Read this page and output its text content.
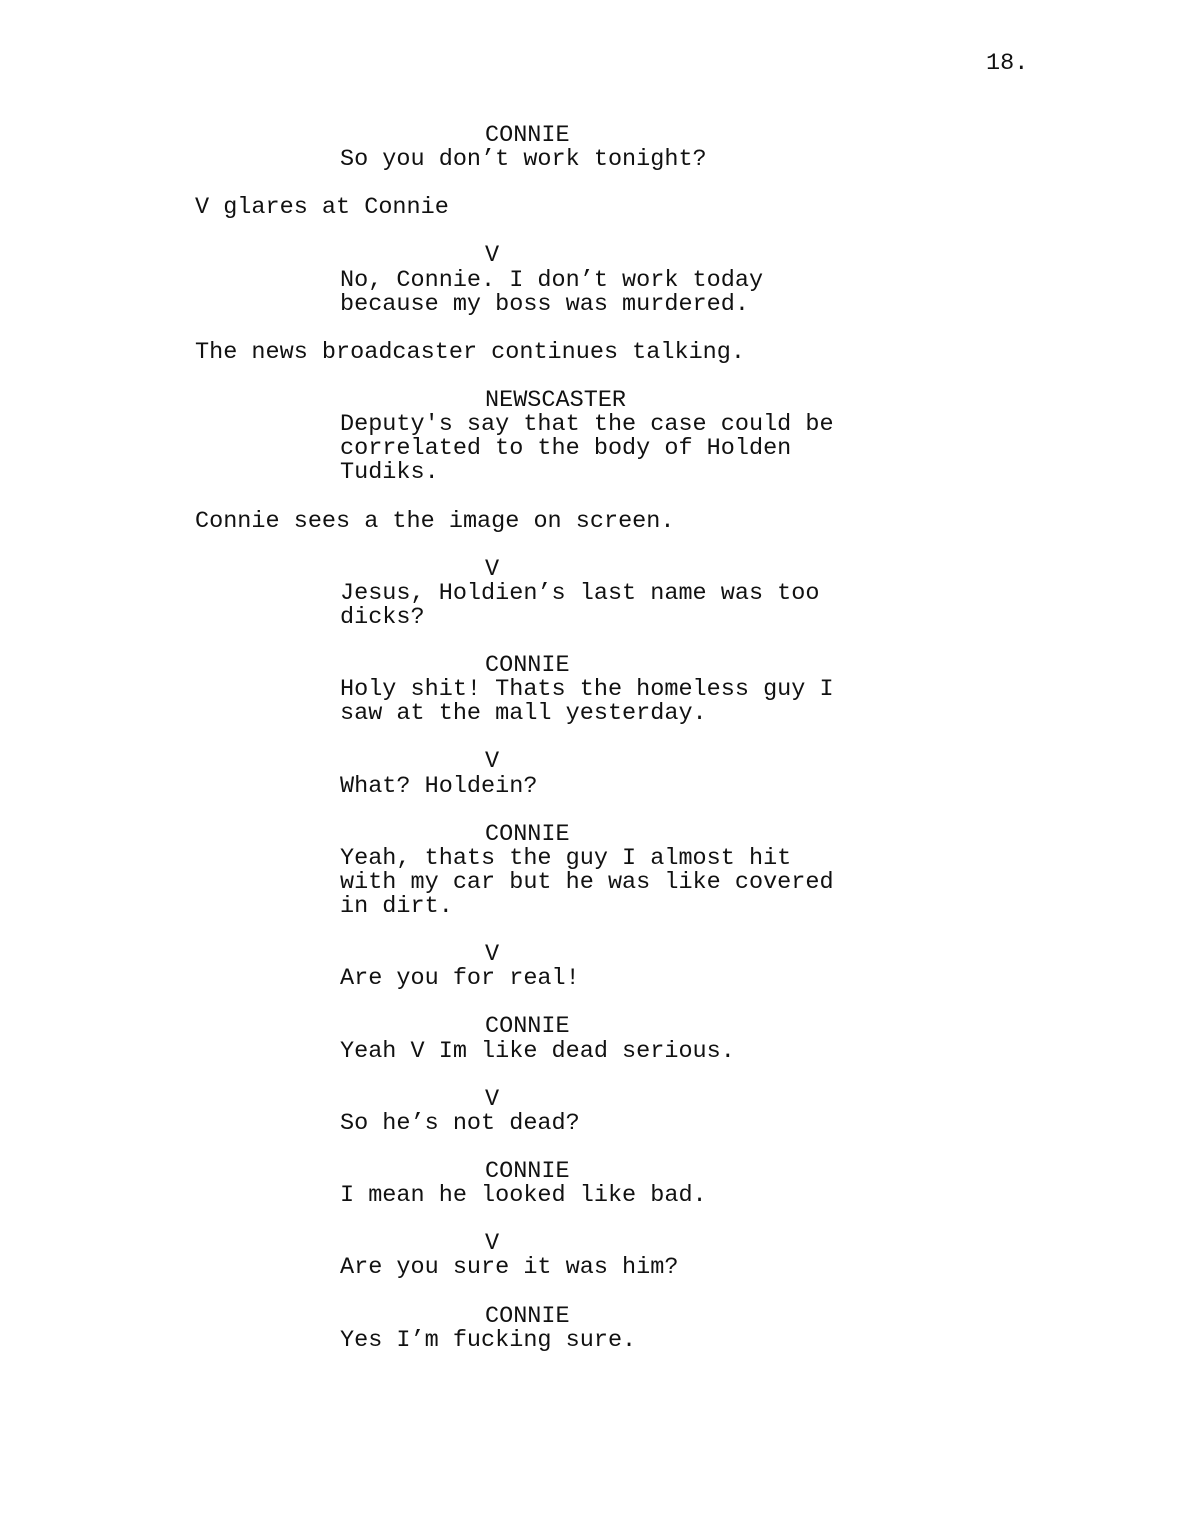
18.
CONNIE
So you don’t work tonight?
V glares at Connie
V
No, Connie. I don’t work today
because my boss was murdered.
The news broadcaster continues talking.
NEWSCASTER
Deputy's say that the case could be
correlated to the body of Holden
Tudiks.
Connie sees a the image on screen.
V
Jesus, Holdien’s last name was too
dicks?
CONNIE
Holy shit! Thats the homeless guy I
saw at the mall yesterday.
V
What? Holdein?
CONNIE
Yeah, thats the guy I almost hit
with my car but he was like covered
in dirt.
V
Are you for real!
CONNIE
Yeah V Im like dead serious.
V
So he’s not dead?
CONNIE
I mean he looked like bad.
V
Are you sure it was him?
CONNIE
Yes I’m fucking sure.
